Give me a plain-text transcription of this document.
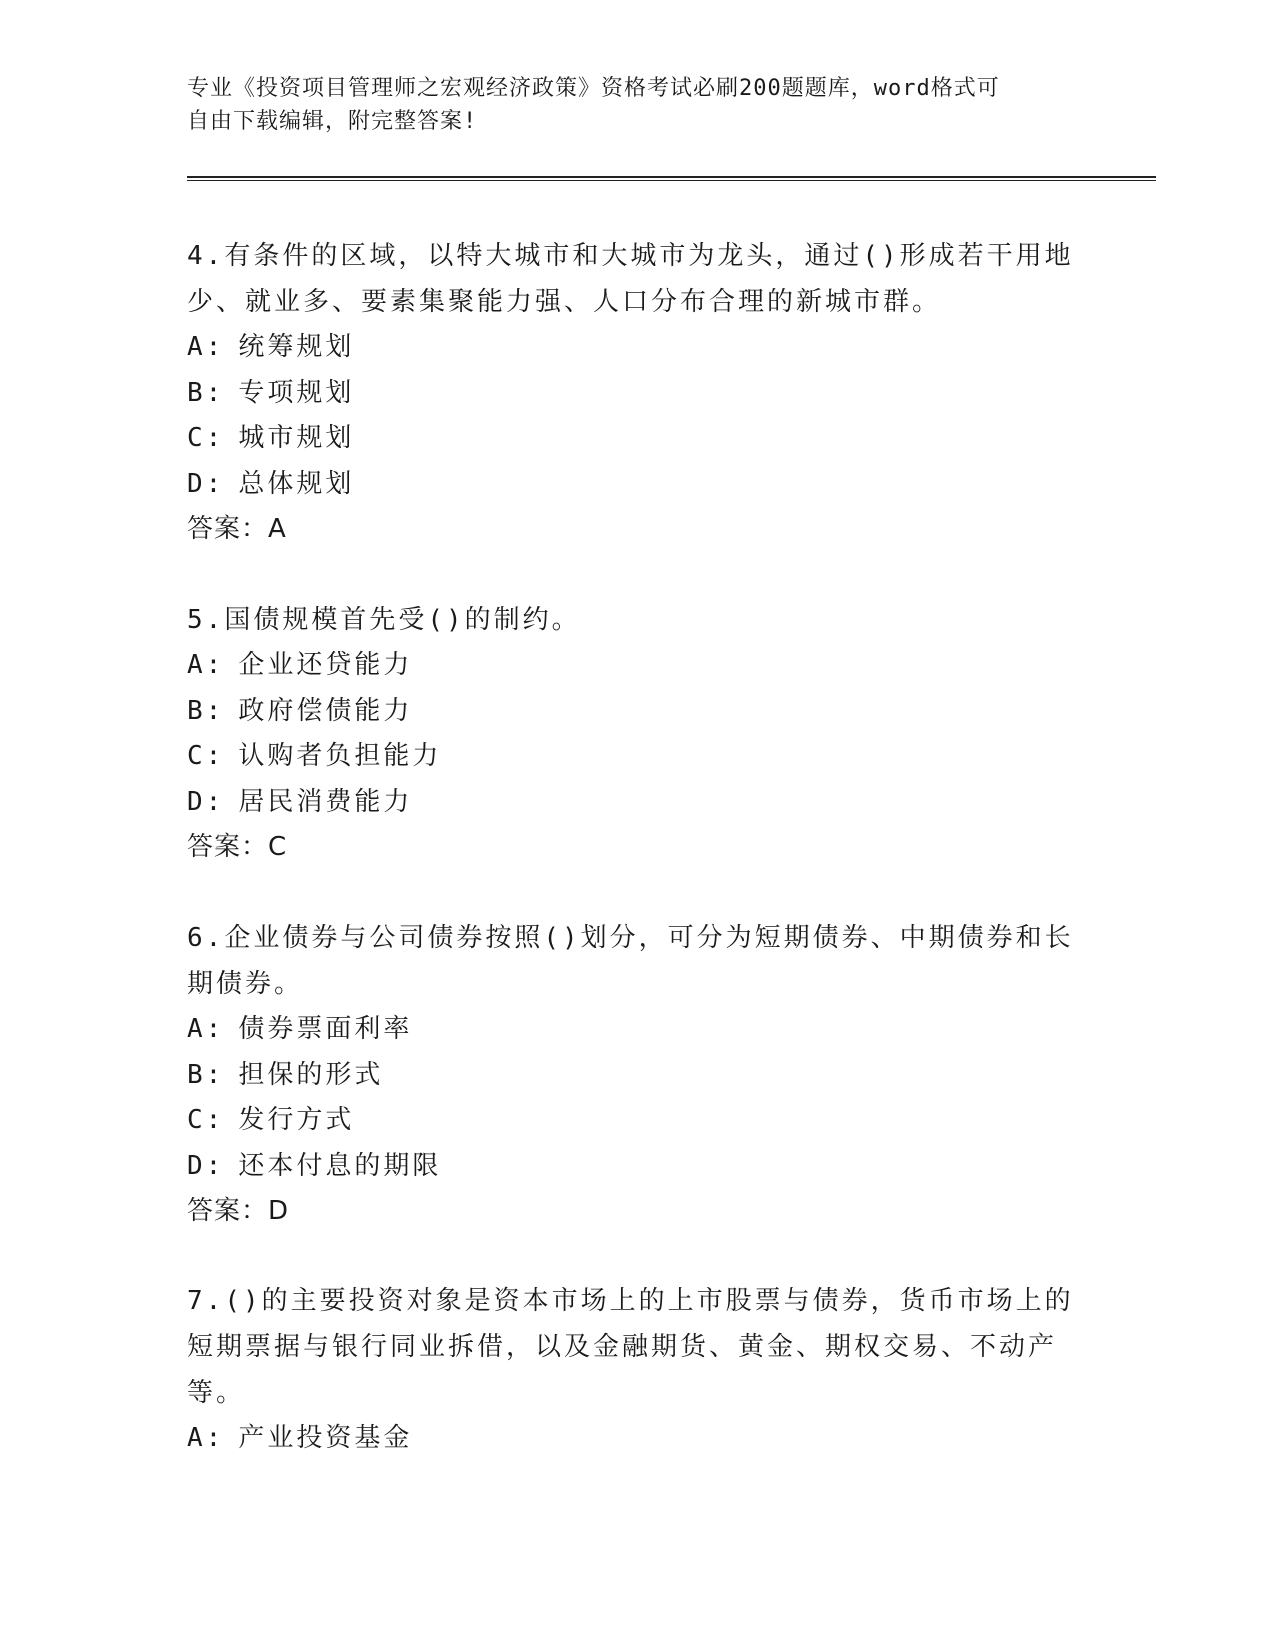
专业《投资项目管理师之宏观经济政策》资格考试必刷200题题库，word格式可
自由下载编辑，附完整答案!

4.有条件的区域，以特大城市和大城市为龙头，通过()形成若干用地少、就业多、要素集聚能力强、人口分布合理的新城市群。

A: 统筹规划

B: 专项规划

C: 城市规划

D: 总体规划

答案：A

5.国债规模首先受()的制约。

A: 企业还贷能力

B: 政府偿债能力

C: 认购者负担能力

D: 居民消费能力

答案：C

6.企业债券与公司债券按照()划分，可分为短期债券、中期债券和长期债券。

A: 债券票面利率

B: 担保的形式

C: 发行方式

D: 还本付息的期限

答案：D

7.()的主要投资对象是资本市场上的上市股票与债券，货币市场上的短期票据与银行同业拆借，以及金融期货、黄金、期权交易、不动产等。

A: 产业投资基金
